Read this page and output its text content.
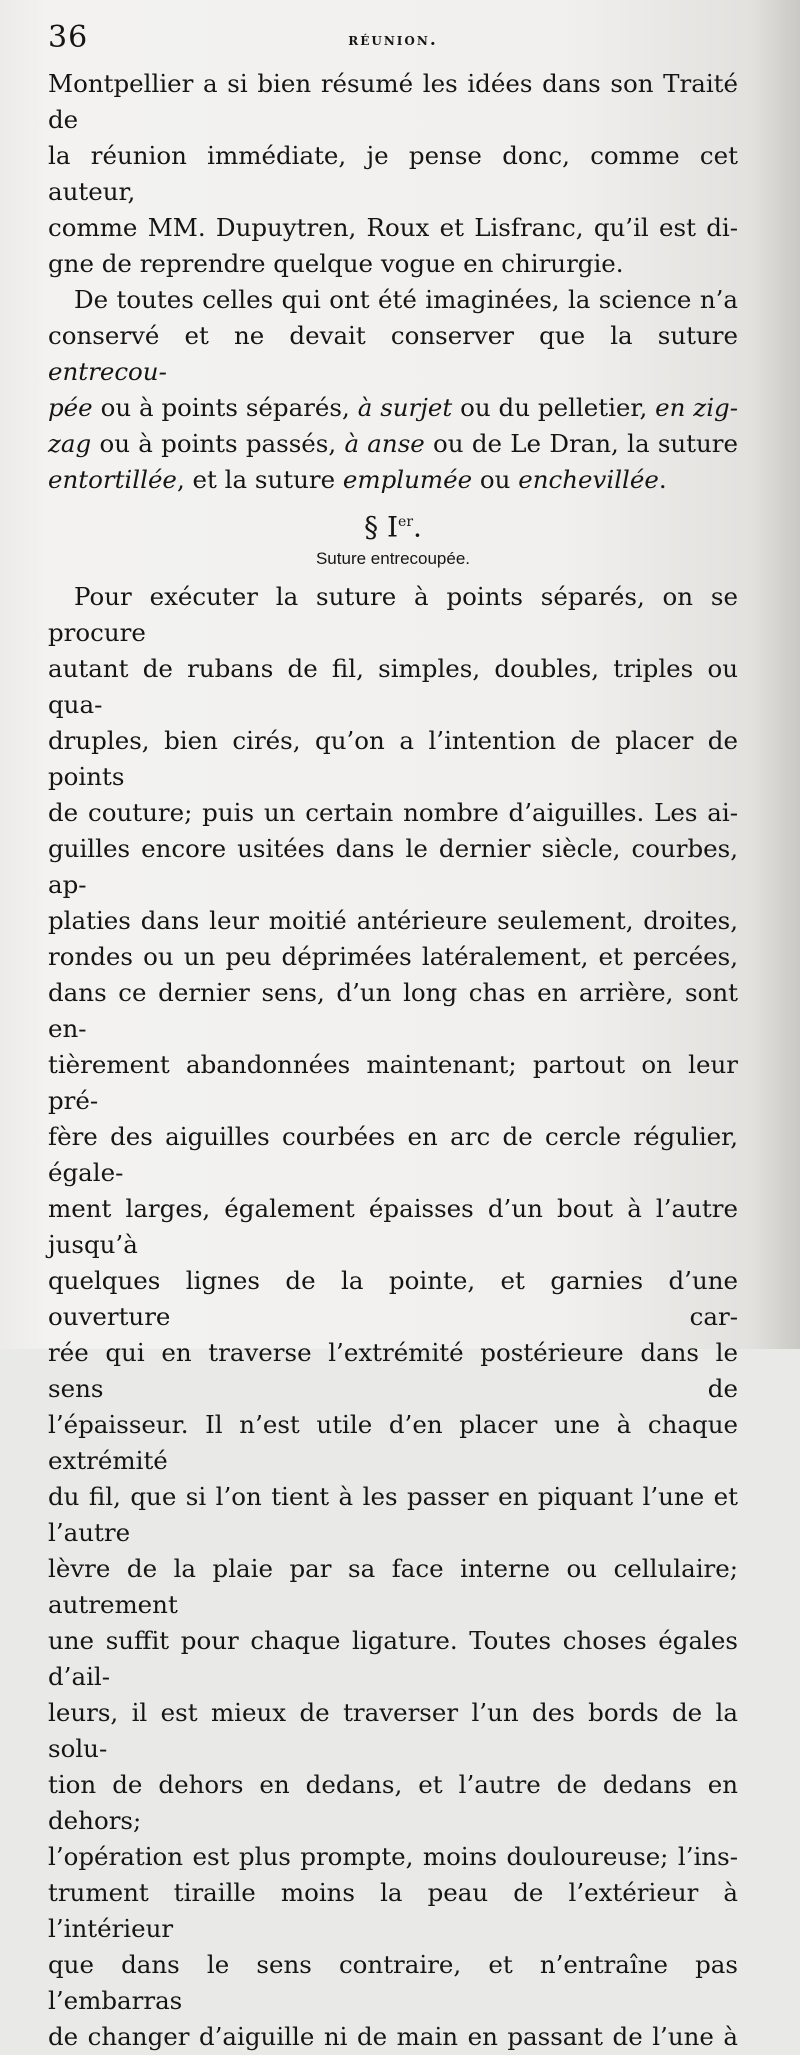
36	réunion.

Montpellier a si bien résumé les idées dans son Traité de

la réunion immédiate, je pense donc, comme cet auteur,

comme MM. Dupuytren, Roux et Lisfranc, qu’il est di-

gne de reprendre quelque vogue en chirurgie.

De toutes celles qui ont été imaginées, la science n’a

conservé et ne devait conserver que la suture entrecou-

pée ou à points séparés, à surjet ou du pelletier, en zig-

zag ou à points passés, à anse ou de Le Dran, la suture

entortillée, et la suture emplumée ou enchevillée.

§ Ier.
Suture entrecoupée.

Pour exécuter la suture à points séparés, on se procure

autant de rubans de fil, simples, doubles, triples ou qua-

druples, bien cirés, qu’on a l’intention de placer de points

de couture; puis un certain nombre d’aiguilles. Les ai-

guilles encore usitées dans le dernier siècle, courbes, ap-

platies dans leur moitié antérieure seulement, droites,

rondes ou un peu déprimées latéralement, et percées,

dans ce dernier sens, d’un long chas en arrière, sont en-

tièrement abandonnées maintenant; partout on leur pré-

fère des aiguilles courbées en arc de cercle régulier, égale-

ment larges, également épaisses d’un bout à l’autre jusqu’à

quelques lignes de la pointe, et garnies d’une ouverture car-

rée qui en traverse l’extrémité postérieure dans le sens de

l’épaisseur. Il n’est utile d’en placer une à chaque extrémité

du fil, que si l’on tient à les passer en piquant l’une et l’autre

lèvre de la plaie par sa face interne ou cellulaire; autrement

une suffit pour chaque ligature. Toutes choses égales d’ail-

leurs, il est mieux de traverser l’un des bords de la solu-

tion de dehors en dedans, et l’autre de dedans en dehors;

l’opération est plus prompte, moins douloureuse; l’ins-

trument tiraille moins la peau de l’extérieur à l’intérieur

que dans le sens contraire, et n’entraîne pas l’embarras

de changer d’aiguille ni de main en passant de l’une à
